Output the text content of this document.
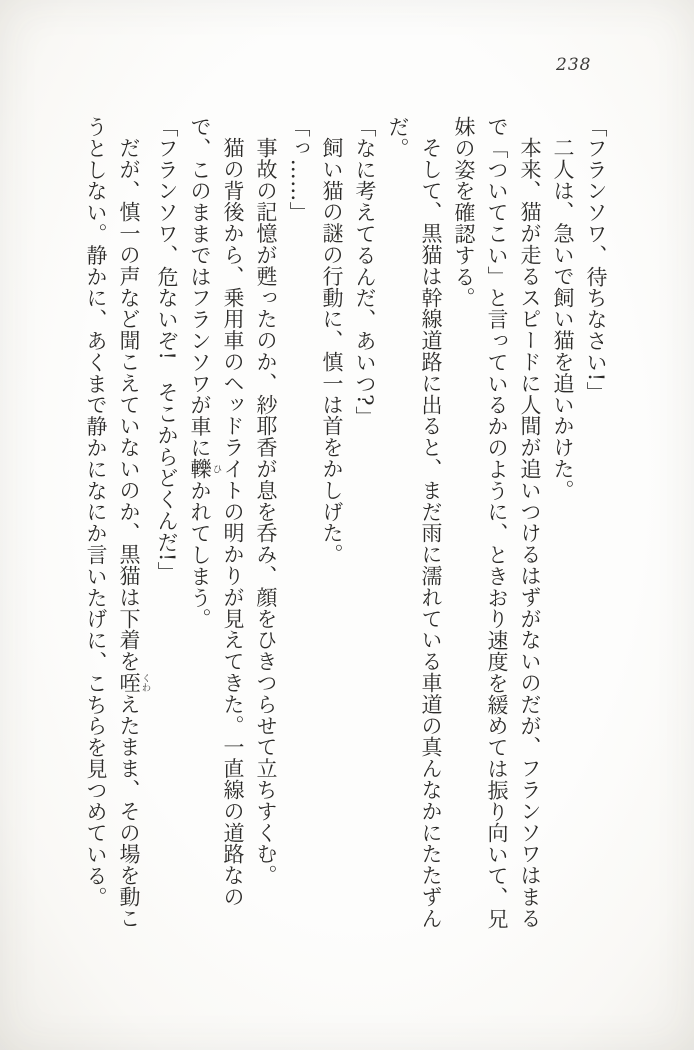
238

「フランソワ、待ちなさい!」

二人は、急いで飼い猫を追いかけた。

本来、猫が走るスピードに人間が追いつけるはずがないのだが、フランソワはまるで「ついてこい」と言っているかのように、ときおり速度を緩めては振り向いて、兄妹の姿を確認する。

そして、黒猫は幹線道路に出ると、まだ雨に濡れている車道の真んなかにたたずんだ。

「なに考えてるんだ、あいつ?」

飼い猫の謎の行動に、慎一は首をかしげた。

「っ……」

事故の記憶が甦ったのか、紗耶香が息を呑み、顔をひきつらせて立ちすくむ。

猫の背後から、乗用車のヘッドライトの明かりが見えてきた。一直線の道路なので、このままではフランソワが車に轢ひかれてしまう。

「フランソワ、危ないぞ!　そこからどくんだ!」

だが、慎一の声など聞こえていないのか、黒猫は下着を咥くわえたまま、その場を動こうとしない。静かに、あくまで静かになにか言いたげに、こちらを見つめている。
